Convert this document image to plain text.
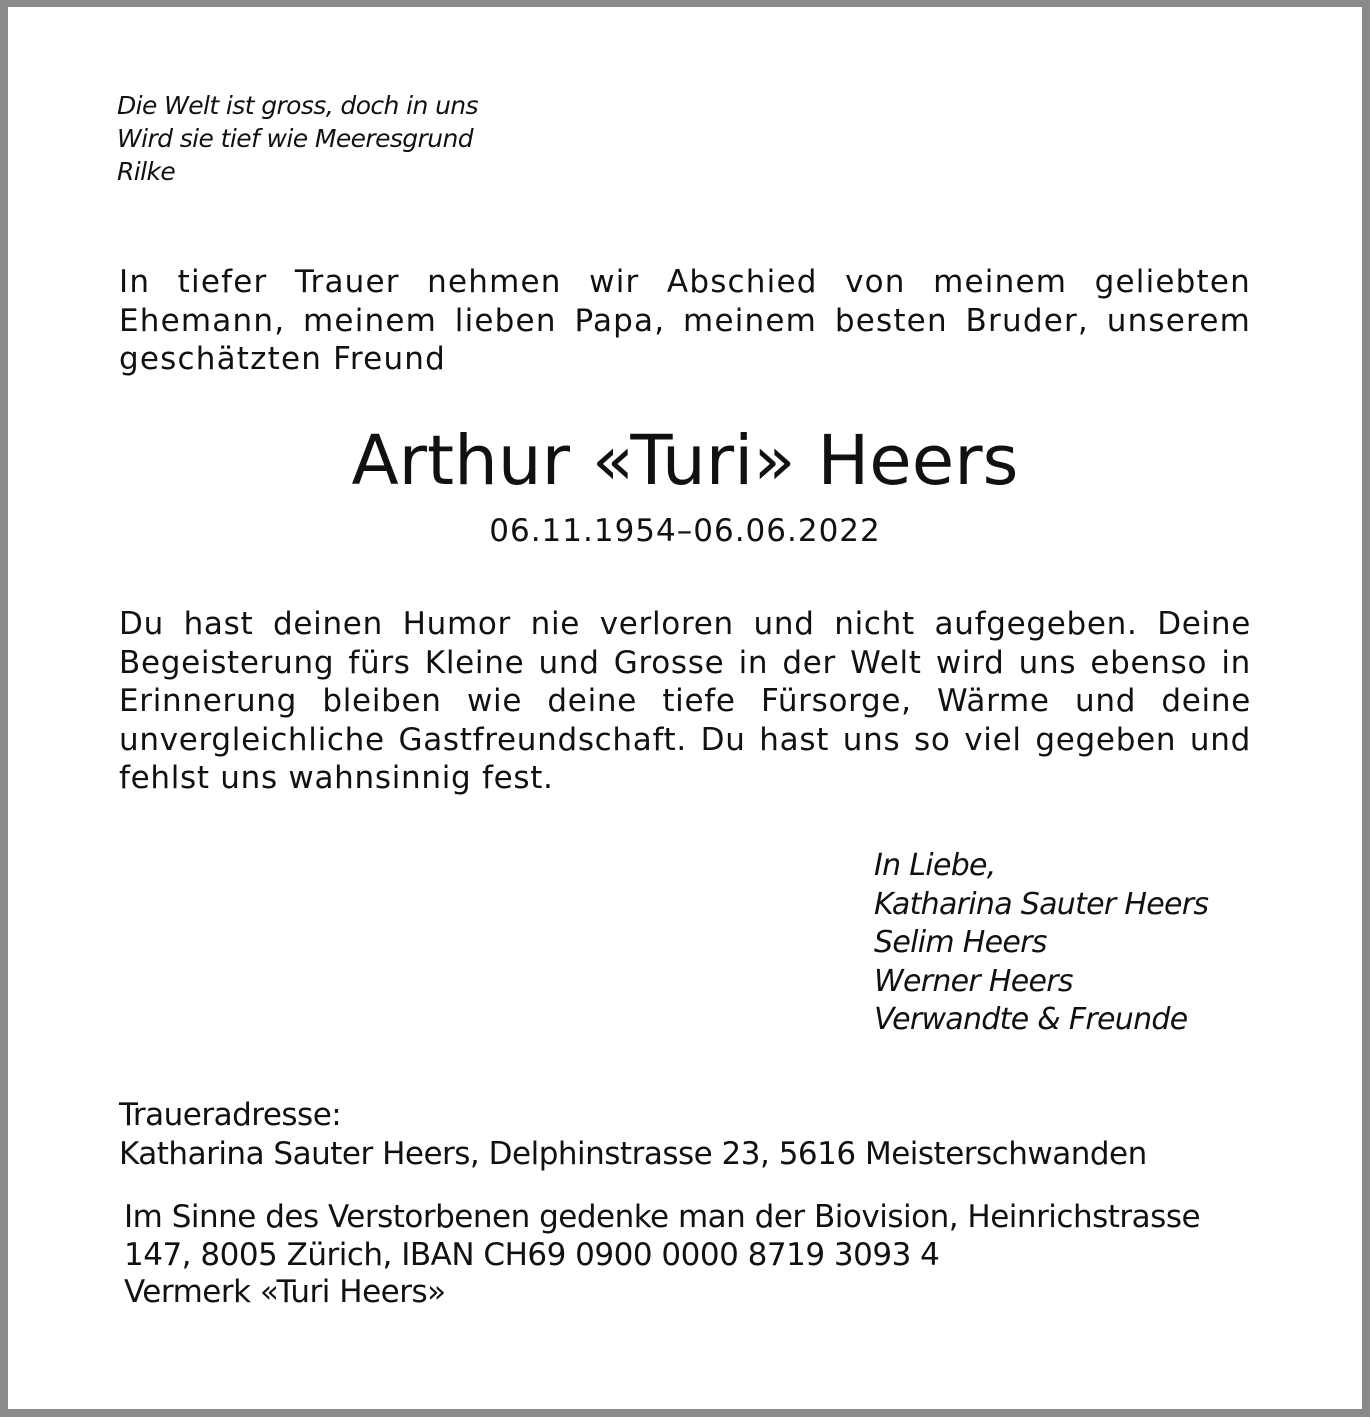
Die Welt ist gross, doch in uns
Wird sie tief wie Meeresgrund
Rilke
In tiefer Trauer nehmen wir Abschied von meinem geliebten Ehemann, meinem lieben Papa, meinem besten Bruder, unserem geschätzten Freund
Arthur «Turi» Heers
06.11.1954–06.06.2022
Du hast deinen Humor nie verloren und nicht aufgegeben. Deine Begeisterung fürs Kleine und Grosse in der Welt wird uns ebenso in Erinnerung bleiben wie deine tiefe Fürsorge, Wärme und deine unvergleichliche Gastfreundschaft. Du hast uns so viel gegeben und fehlst uns wahnsinnig fest.
In Liebe,
Katharina Sauter Heers
Selim Heers
Werner Heers
Verwandte & Freunde
Traueradresse:
Katharina Sauter Heers, Delphinstrasse 23, 5616 Meisterschwanden
Im Sinne des Verstorbenen gedenke man der Biovision, Heinrichstrasse
147, 8005 Zürich, IBAN CH69 0900 0000 8719 3093 4
Vermerk «Turi Heers»
